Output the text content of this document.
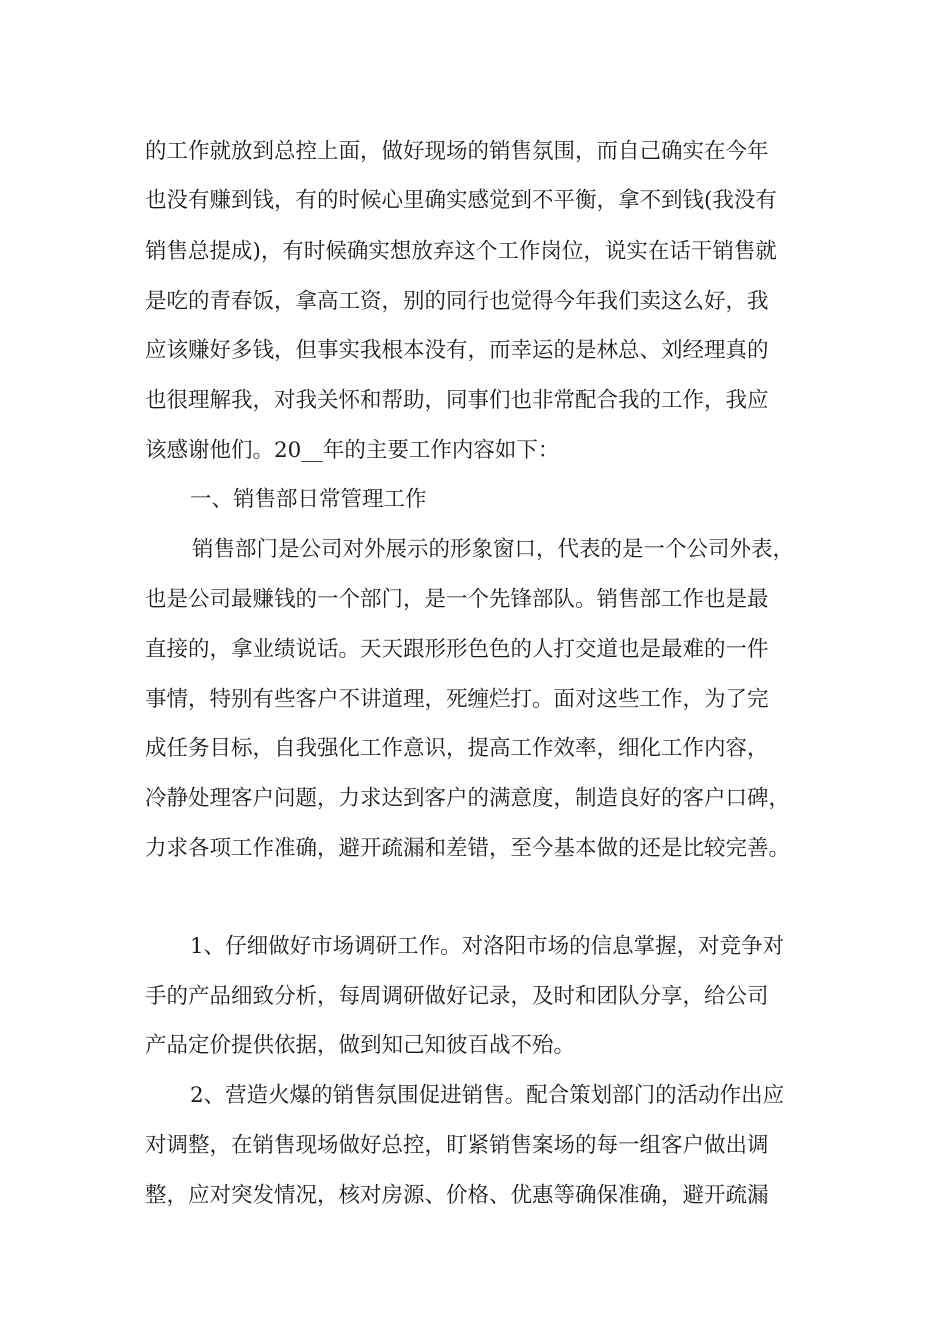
的工作就放到总控上面，做好现场的销售氛围，而自己确实在今年
也没有赚到钱，有的时候心里确实感觉到不平衡，拿不到钱(我没有
销售总提成)，有时候确实想放弃这个工作岗位，说实在话干销售就
是吃的青春饭，拿高工资，别的同行也觉得今年我们卖这么好，我
应该赚好多钱，但事实我根本没有，而幸运的是林总、刘经理真的
也很理解我，对我关怀和帮助，同事们也非常配合我的工作，我应
该感谢他们。20__年的主要工作内容如下：
一、销售部日常管理工作
销售部门是公司对外展示的形象窗口，代表的是一个公司外表，
也是公司最赚钱的一个部门，是一个先锋部队。销售部工作也是最
直接的，拿业绩说话。天天跟形形色色的人打交道也是最难的一件
事情，特别有些客户不讲道理，死缠烂打。面对这些工作，为了完
成任务目标，自我强化工作意识，提高工作效率，细化工作内容，
冷静处理客户问题，力求达到客户的满意度，制造良好的客户口碑，
力求各项工作准确，避开疏漏和差错，至今基本做的还是比较完善。
1、仔细做好市场调研工作。对洛阳市场的信息掌握，对竞争对
手的产品细致分析，每周调研做好记录，及时和团队分享，给公司
产品定价提供依据，做到知己知彼百战不殆。
2、营造火爆的销售氛围促进销售。配合策划部门的活动作出应
对调整，在销售现场做好总控，盯紧销售案场的每一组客户做出调
整，应对突发情况，核对房源、价格、优惠等确保准确，避开疏漏
